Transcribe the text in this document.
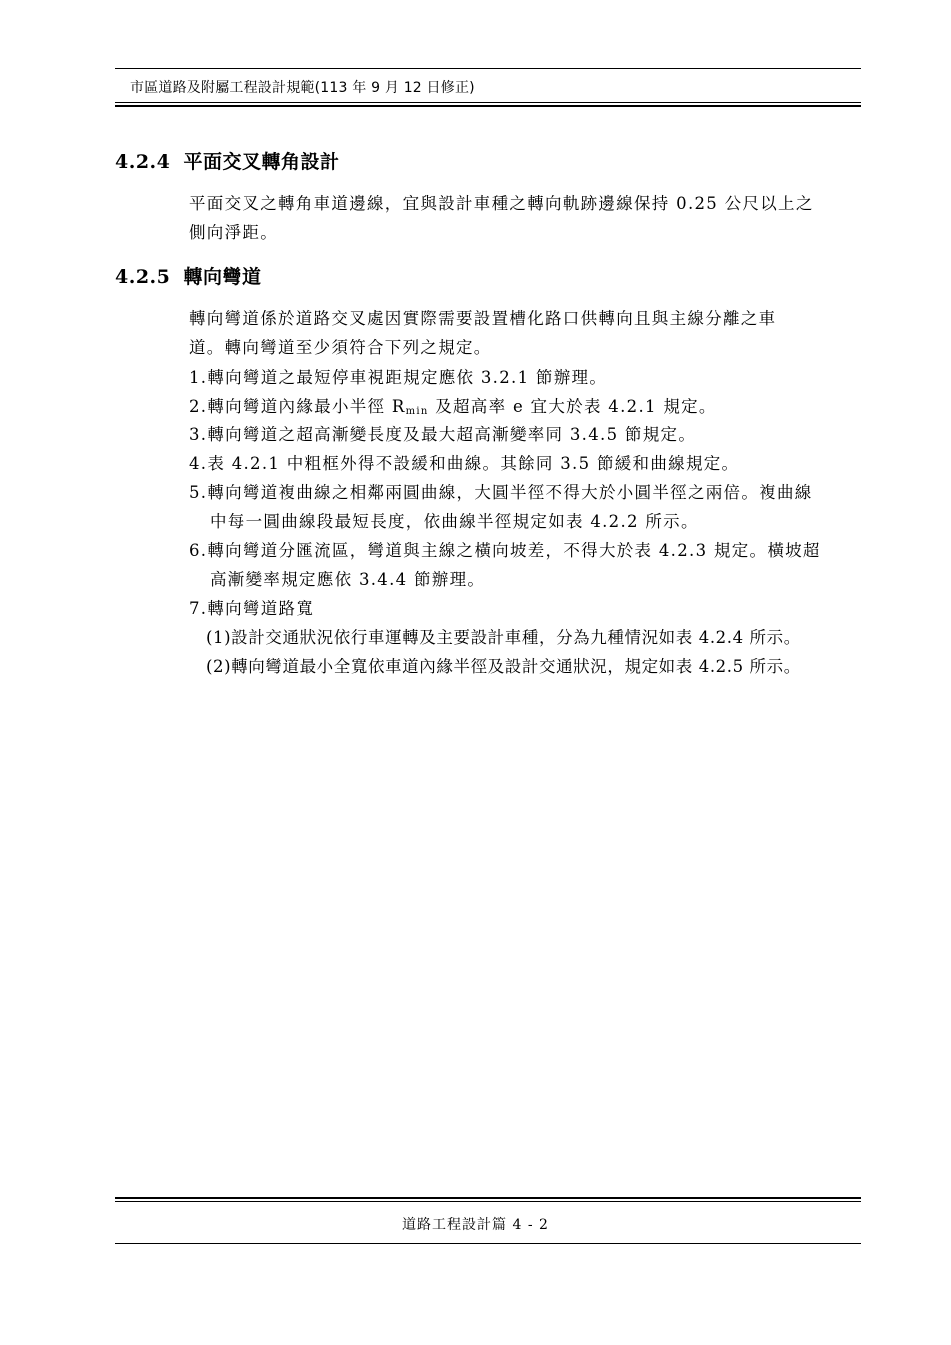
市區道路及附屬工程設計規範(113 年 9 月 12 日修正)
4.2.4 平面交叉轉角設計
平面交叉之轉角車道邊線，宜與設計車種之轉向軌跡邊線保持 0.25 公尺以上之
側向淨距。
4.2.5 轉向彎道
轉向彎道係於道路交叉處因實際需要設置槽化路口供轉向且與主線分離之車
道。轉向彎道至少須符合下列之規定。
1.轉向彎道之最短停車視距規定應依 3.2.1 節辦理。
2.轉向彎道內緣最小半徑 $R_{min}$ 及超高率 e 宜大於表 4.2.1 規定。
3.轉向彎道之超高漸變長度及最大超高漸變率同 3.4.5 節規定。
4.表 4.2.1 中粗框外得不設緩和曲線。其餘同 3.5 節緩和曲線規定。
5.轉向彎道複曲線之相鄰兩圓曲線，大圓半徑不得大於小圓半徑之兩倍。複曲線
中每一圓曲線段最短長度，依曲線半徑規定如表 4.2.2 所示。
6.轉向彎道分匯流區，彎道與主線之橫向坡差，不得大於表 4.2.3 規定。橫坡超
高漸變率規定應依 3.4.4 節辦理。
7.轉向彎道路寬
(1)設計交通狀況依行車運轉及主要設計車種，分為九種情況如表 4.2.4 所示。
(2)轉向彎道最小全寬依車道內緣半徑及設計交通狀況，規定如表 4.2.5 所示。
道路工程設計篇 4 - 2
